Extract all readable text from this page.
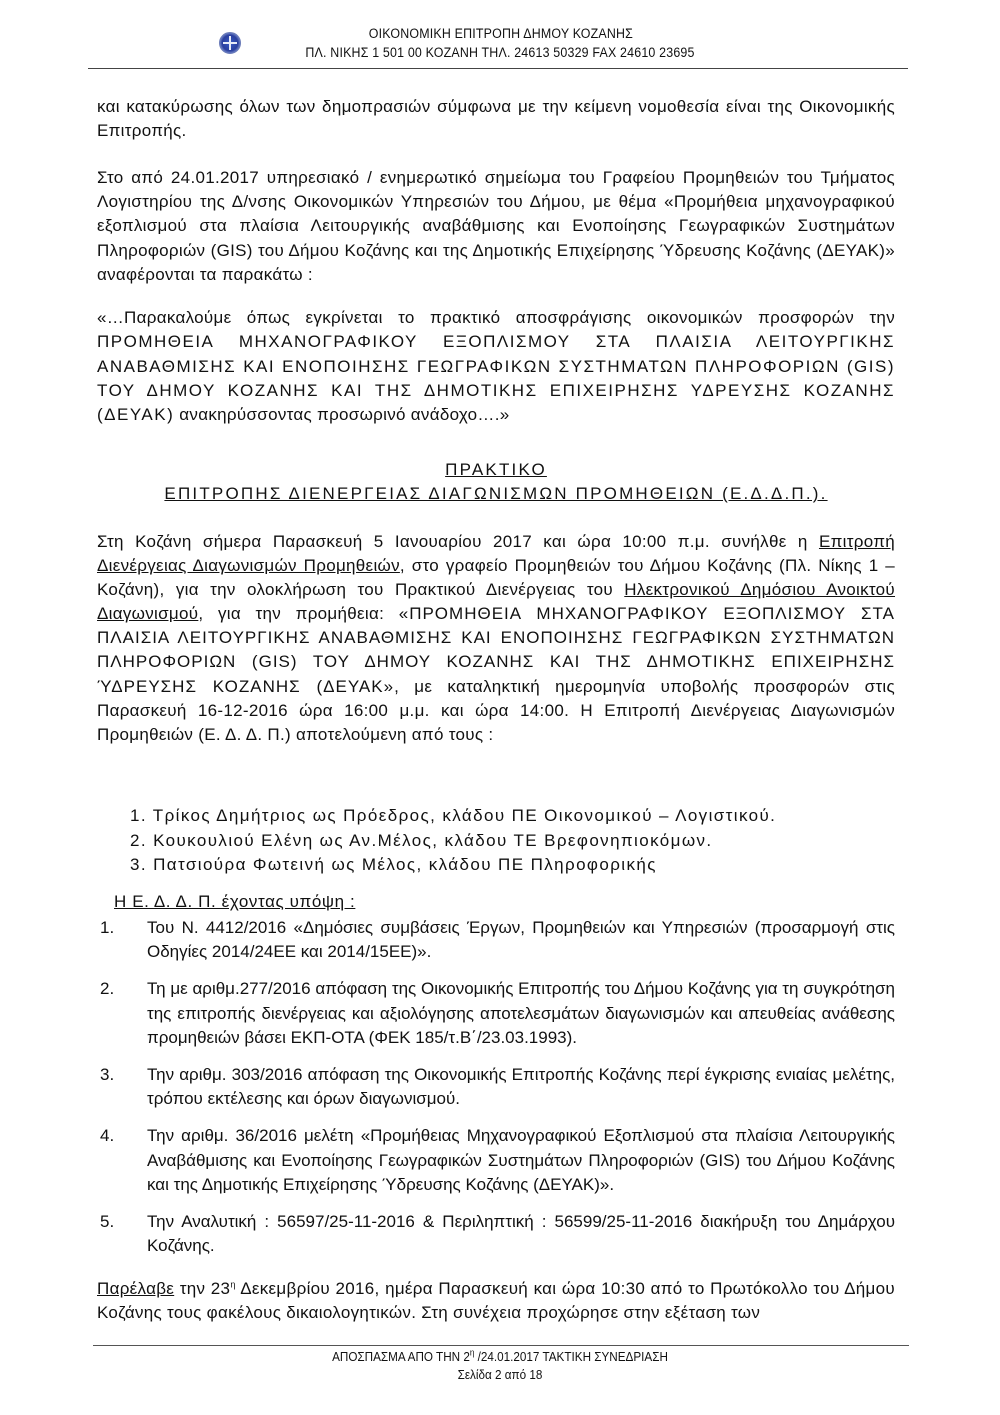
ΟΙΚΟΝΟΜΙΚΗ ΕΠΙΤΡΟΠΗ ΔΗΜΟΥ ΚΟΖΑΝΗΣ
ΠΛ. ΝΙΚΗΣ 1 501 00 ΚΟΖΑΝΗ ΤΗΛ. 24613 50329 FAX 24610 23695

και κατακύρωσης όλων των δημοπρασιών σύμφωνα με την κείμενη νομοθεσία είναι της Οικονομικής Επιτροπής.

Στο από 24.01.2017 υπηρεσιακό / ενημερωτικό σημείωμα του Γραφείου Προμηθειών του Τμήματος Λογιστηρίου της Δ/νσης Οικονομικών Υπηρεσιών του Δήμου, με θέμα «Προμήθεια μηχανογραφικού εξοπλισμού στα πλαίσια Λειτουργικής αναβάθμισης και Ενοποίησης Γεωγραφικών Συστημάτων Πληροφοριών (GIS) του Δήμου Κοζάνης και της Δημοτικής Επιχείρησης Ύδρευσης Κοζάνης (ΔΕΥΑΚ)» αναφέρονται τα παρακάτω :

«…Παρακαλούμε όπως εγκρίνεται το πρακτικό αποσφράγισης οικονομικών προσφορών την ΠΡΟΜΗΘΕΙΑ ΜΗΧΑΝΟΓΡΑΦΙΚΟΥ ΕΞΟΠΛΙΣΜΟΥ ΣΤΑ ΠΛΑΙΣΙΑ ΛΕΙΤΟΥΡΓΙΚΗΣ ΑΝΑΒΑΘΜΙΣΗΣ ΚΑΙ ΕΝΟΠΟΙΗΣΗΣ ΓΕΩΓΡΑΦΙΚΩΝ ΣΥΣΤΗΜΑΤΩΝ ΠΛΗΡΟΦΟΡΙΩΝ (GIS) ΤΟΥ ΔΗΜΟΥ ΚΟΖΑΝΗΣ ΚΑΙ ΤΗΣ ΔΗΜΟΤΙΚΗΣ ΕΠΙΧΕΙΡΗΣΗΣ ΥΔΡΕΥΣΗΣ ΚΟΖΑΝΗΣ (ΔΕΥΑΚ) ανακηρύσσοντας προσωρινό ανάδοχο….»

ΠΡΑΚΤΙΚΟ
ΕΠΙΤΡΟΠΗΣ ΔΙΕΝΕΡΓΕΙΑΣ ΔΙΑΓΩΝΙΣΜΩΝ ΠΡΟΜΗΘΕΙΩΝ (Ε.Δ.Δ.Π.).

Στη Κοζάνη σήμερα Παρασκευή 5 Ιανουαρίου 2017 και ώρα 10:00 π.μ. συνήλθε η Επιτροπή Διενέργειας Διαγωνισμών Προμηθειών, στο γραφείο Προμηθειών του Δήμου Κοζάνης (Πλ. Νίκης 1 – Κοζάνη), για την ολοκλήρωση του Πρακτικού Διενέργειας του Ηλεκτρονικού Δημόσιου Ανοικτού Διαγωνισμού, για την προμήθεια: «ΠΡΟΜΗΘΕΙΑ ΜΗΧΑΝΟΓΡΑΦΙΚΟΥ ΕΞΟΠΛΙΣΜΟΥ ΣΤΑ ΠΛΑΙΣΙΑ ΛΕΙΤΟΥΡΓΙΚΗΣ ΑΝΑΒΑΘΜΙΣΗΣ ΚΑΙ ΕΝΟΠΟΙΗΣΗΣ ΓΕΩΓΡΑΦΙΚΩΝ ΣΥΣΤΗΜΑΤΩΝ ΠΛΗΡΟΦΟΡΙΩΝ (GIS) ΤΟΥ ΔΗΜΟΥ ΚΟΖΑΝΗΣ ΚΑΙ ΤΗΣ ΔΗΜΟΤΙΚΗΣ ΕΠΙΧΕΙΡΗΣΗΣ ΎΔΡΕΥΣΗΣ ΚΟΖΑΝΗΣ (ΔΕΥΑΚ», με καταληκτική ημερομηνία υποβολής προσφορών στις Παρασκευή 16-12-2016 ώρα 16:00 μ.μ. και ώρα 14:00. Η Επιτροπή Διενέργειας Διαγωνισμών Προμηθειών (Ε. Δ. Δ. Π.) αποτελούμενη από τους :

1. Τρίκος Δημήτριος ως Πρόεδρος, κλάδου ΠΕ Οικονομικού – Λογιστικού.
2. Κουκουλιού Ελένη ως Αν.Μέλος, κλάδου ΤΕ Βρεφονηπιοκόμων.
3. Πατσιούρα Φωτεινή ως Μέλος, κλάδου ΠΕ Πληροφορικής
Η Ε. Δ. Δ. Π. έχοντας υπόψη :
1. Του Ν. 4412/2016 «Δημόσιες συμβάσεις Έργων, Προμηθειών και Υπηρεσιών (προσαρμογή στις Οδηγίες 2014/24ΕΕ και 2014/15ΕΕ)».
2. Τη με αριθμ.277/2016 απόφαση της Οικονομικής Επιτροπής του Δήμου Κοζάνης για τη συγκρότηση της επιτροπής διενέργειας και αξιολόγησης αποτελεσμάτων διαγωνισμών και απευθείας ανάθεσης προμηθειών βάσει ΕΚΠ-ΟΤΑ (ΦΕΚ 185/τ.Β΄/23.03.1993).
3. Την αριθμ. 303/2016 απόφαση της Οικονομικής Επιτροπής Κοζάνης περί έγκρισης ενιαίας μελέτης, τρόπου εκτέλεσης και όρων διαγωνισμού.
4. Την αριθμ. 36/2016 μελέτη «Προμήθειας Μηχανογραφικού Εξοπλισμού στα πλαίσια Λειτουργικής Αναβάθμισης και Ενοποίησης Γεωγραφικών Συστημάτων Πληροφοριών (GIS) του Δήμου Κοζάνης και της Δημοτικής Επιχείρησης Ύδρευσης Κοζάνης (ΔΕΥΑΚ)».
5. Την Αναλυτική : 56597/25-11-2016 & Περιληπτική : 56599/25-11-2016 διακήρυξη του Δημάρχου Κοζάνης.

Παρέλαβε την $23^\eta$ Δεκεμβρίου 2016, ημέρα Παρασκευή και ώρα 10:30 από το Πρωτόκολλο του Δήμου Κοζάνης τους φακέλους δικαιολογητικών. Στη συνέχεια προχώρησε στην εξέταση των

ΑΠΟΣΠΑΣΜΑ ΑΠΟ ΤΗΝ $2^\eta$ /24.01.2017 ΤΑΚΤΙΚΗ ΣΥΝΕΔΡΙΑΣΗ
Σελίδα 2 από 18
